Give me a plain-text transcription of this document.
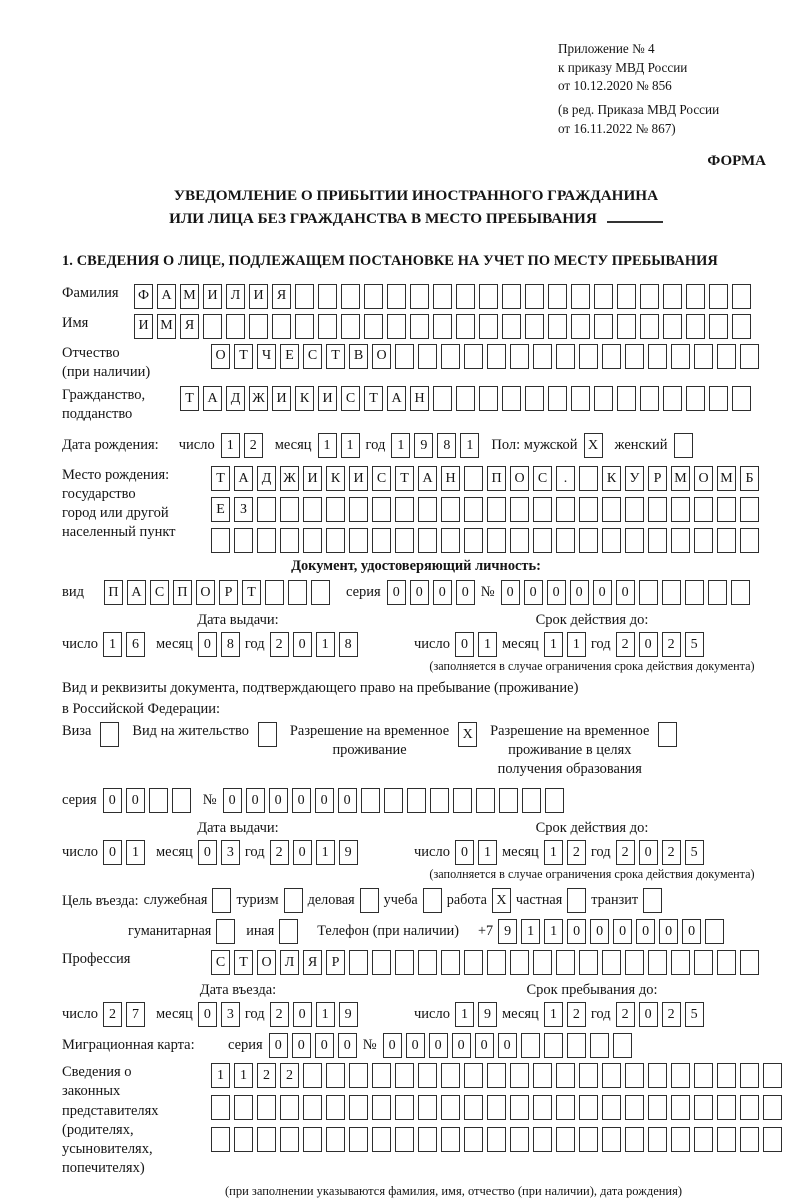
Приложение № 4
к приказу МВД России
от 10.12.2020 № 856
(в ред. Приказа МВД России
от 16.11.2022 № 867)
ФОРМА
УВЕДОМЛЕНИЕ О ПРИБЫТИИ ИНОСТРАННОГО ГРАЖДАНИНА
ИЛИ ЛИЦА БЕЗ ГРАЖДАНСТВА В МЕСТО ПРЕБЫВАНИЯ
1. СВЕДЕНИЯ О ЛИЦЕ, ПОДЛЕЖАЩЕМ ПОСТАНОВКЕ НА УЧЕТ ПО МЕСТУ ПРЕБЫВАНИЯ
Фамилия	Ф А М И Л И Я
Имя	И М Я
Отчество
(при наличии)
О Т	Ч	Е	С	Т	В О
Гражданство,
подданство
Т А Д Ж И К И С	Т А Н
Дата рождения: число 1	2	месяц 1	1 год 1	9	8	1	Пол: мужской X	женский
Место рождения:
государство
город или другой
населенный пункт
Т А Д Ж И К И С	Т А Н	П О С	.	К У	Р М О М Б
Е	З
Документ, удостоверяющий личность:
вид	П А С П О	Р	Т	серия 0	0	0	0 № 0	0	0	0	0	0
Дата выдачи:
число 1	6	месяц 0	8 год 2	0	1	8
Срок действия до:
число 0	1 месяц 1	1 год 2	0	2	5
(заполняется в случае ограничения срока действия документа)
Вид и реквизиты документа, подтверждающего право на пребывание (проживание)
в Российской Федерации:
Виза	Вид на жительство	Разрешение на временное
проживание
X	Разрешение на временное
проживание в целях
получения образования
серия 0	0	№ 0	0	0	0	0	0
Дата выдачи:
число 0	1	месяц 0	3 год 2	0	1	9
Срок действия до:
число 0	1 месяц 1	2 год 2	0	2	5
(заполняется в случае ограничения срока действия документа)
Цель въезда: служебная туризм деловая учеба работа X частная транзит
гуманитарная иная	Телефон (при наличии) +7 9	1	1	0	0	0	0	0	0
Профессия	С	Т О Л Я	Р
Дата въезда:
число 2	7	месяц 0	3 год 2	0	1	9
Срок пребывания до:
число 1	9 месяц 1	2 год 2	0	2	5
Миграционная карта:	серия 0	0	0	0 № 0	0	0	0	0	0
Сведения о
законных
представителях
(родителях,
усыновителях,
попечителях)
1	1	2	2
(при заполнении указываются фамилия, имя, отчество (при наличии), дата рождения)
